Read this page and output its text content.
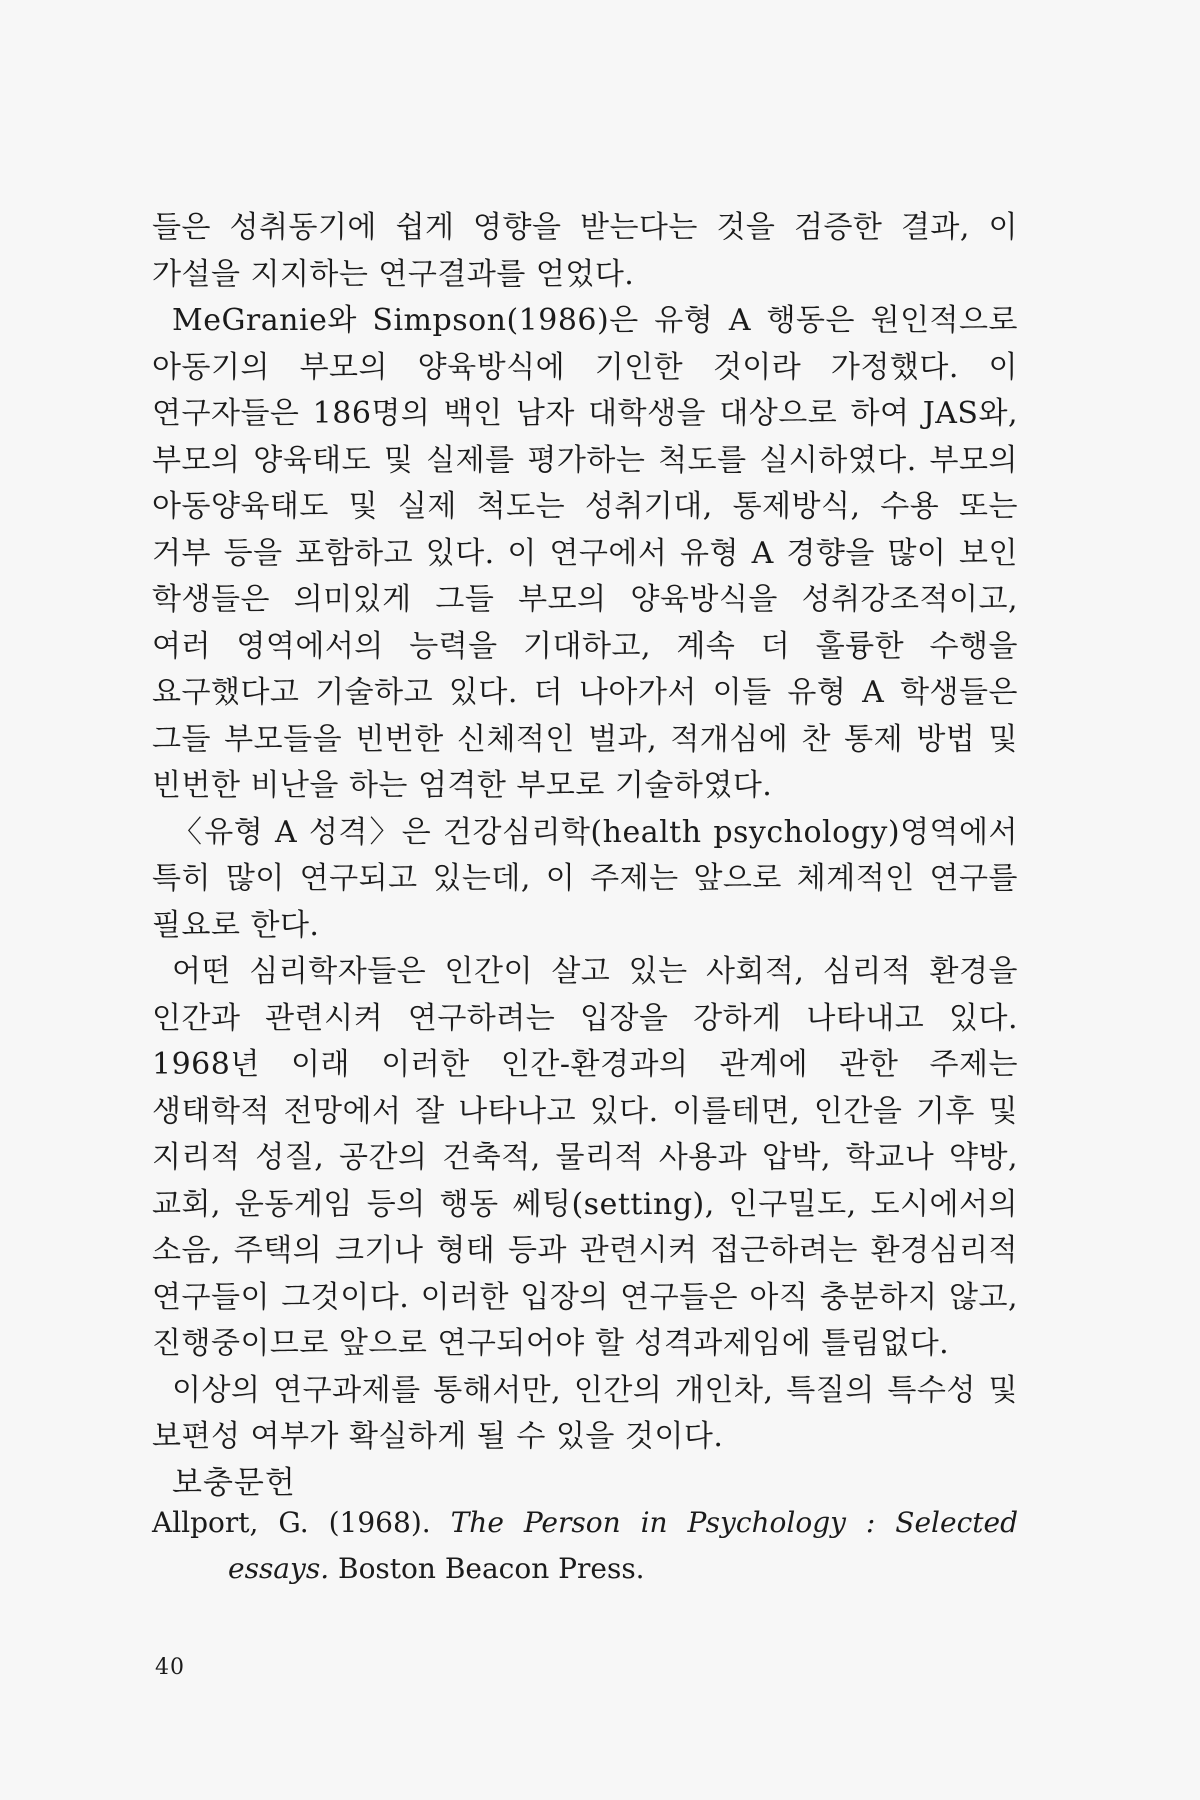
들은 성취동기에 쉽게 영향을 받는다는 것을 검증한 결과, 이 가설을 지지하는 연구결과를 얻었다.

MeGranie와 Simpson(1986)은 유형 A 행동은 원인적으로 아동기의 부모의 양육방식에 기인한 것이라 가정했다. 이 연구자들은 186명의 백인 남자 대학생을 대상으로 하여 JAS와, 부모의 양육태도 및 실제를 평가하는 척도를 실시하였다. 부모의 아동양육태도 및 실제 척도는 성취기대, 통제방식, 수용 또는 거부 등을 포함하고 있다. 이 연구에서 유형 A 경향을 많이 보인 학생들은 의미있게 그들 부모의 양육방식을 성취강조적이고, 여러 영역에서의 능력을 기대하고, 계속 더 훌륭한 수행을 요구했다고 기술하고 있다. 더 나아가서 이들 유형 A 학생들은 그들 부모들을 빈번한 신체적인 벌과, 적개심에 찬 통제 방법 및 빈번한 비난을 하는 엄격한 부모로 기술하였다.

〈유형 A 성격〉은 건강심리학(health psychology)영역에서 특히 많이 연구되고 있는데, 이 주제는 앞으로 체계적인 연구를 필요로 한다.

어떤 심리학자들은 인간이 살고 있는 사회적, 심리적 환경을 인간과 관련시켜 연구하려는 입장을 강하게 나타내고 있다. 1968년 이래 이러한 인간-환경과의 관계에 관한 주제는 생태학적 전망에서 잘 나타나고 있다. 이를테면, 인간을 기후 및 지리적 성질, 공간의 건축적, 물리적 사용과 압박, 학교나 약방, 교회, 운동게임 등의 행동 쎄팅(setting), 인구밀도, 도시에서의 소음, 주택의 크기나 형태 등과 관련시켜 접근하려는 환경심리적 연구들이 그것이다. 이러한 입장의 연구들은 아직 충분하지 않고, 진행중이므로 앞으로 연구되어야 할 성격과제임에 틀림없다.

이상의 연구과제를 통해서만, 인간의 개인차, 특질의 특수성 및 보편성 여부가 확실하게 될 수 있을 것이다.

보충문헌
Allport, G. (1968). The Person in Psychology : Selected essays. Boston Beacon Press.
40
